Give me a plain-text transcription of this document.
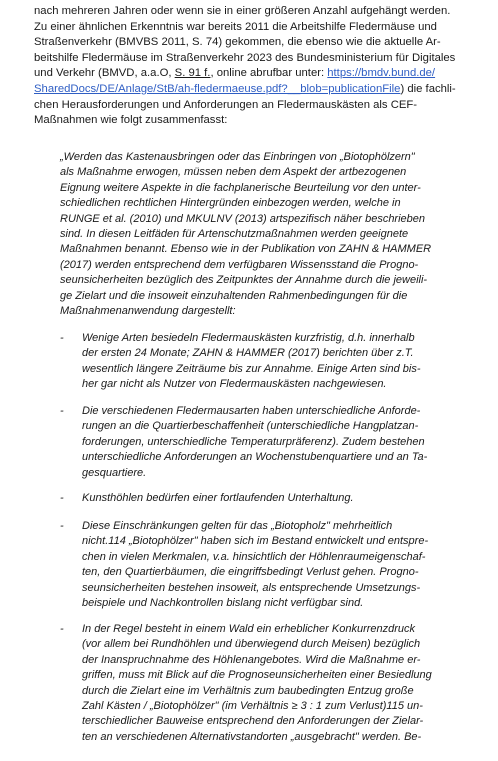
nach mehreren Jahren oder wenn sie in einer größeren Anzahl aufgehängt werden.
Zu einer ähnlichen Erkenntnis war bereits 2011 die Arbeitshilfe Fledermäuse und
Straßenverkehr (BMVBS 2011, S. 74) gekommen, die ebenso wie die aktuelle Ar-
beitshilfe Fledermäuse im Straßenverkehr 2023 des Bundesministerium für Digitales
und Verkehr (BMVD, a.a.O, S. 91 f., online abrufbar unter: https://bmdv.bund.de/
SharedDocs/DE/Anlage/StB/ah-fledermaeuse.pdf?__blob=publicationFile) die fachli-
chen Herausforderungen und Anforderungen an Fledermauskästen als CEF-
Maßnahmen wie folgt zusammenfasst:

„Werden das Kastenausbringen oder das Einbringen von „Biotophölzern"
als Maßnahme erwogen, müssen neben dem Aspekt der artbezogenen
Eignung weitere Aspekte in die fachplanerische Beurteilung vor den unter-
schiedlichen rechtlichen Hintergründen einbezogen werden, welche in
RUNGE et al. (2010) und MKULNV (2013) artspezifisch näher beschrieben
sind. In diesen Leitfäden für Artenschutzmaßnahmen werden geeignete
Maßnahmen benannt. Ebenso wie in der Publikation von ZAHN & HAMMER
(2017) werden entsprechend dem verfügbaren Wissensstand die Progno-
seunsicherheiten bezüglich des Zeitpunktes der Annahme durch die jeweili-
ge Zielart und die insoweit einzuhaltenden Rahmenbedingungen für die
Maßnahmenanwendung dargestellt:

- Wenige Arten besiedeln Fledermauskästen kurzfristig, d.h. innerhalb
der ersten 24 Monate; ZAHN & HAMMER (2017) berichten über z.T.
wesentlich längere Zeiträume bis zur Annahme. Einige Arten sind bis-
her gar nicht als Nutzer von Fledermauskästen nachgewiesen.

- Die verschiedenen Fledermausarten haben unterschiedliche Anforde-
rungen an die Quartierbeschaffenheit (unterschiedliche Hangplatzan-
forderungen, unterschiedliche Temperaturpräferenz). Zudem bestehen
unterschiedliche Anforderungen an Wochenstubenquartiere und an Ta-
gesquartiere.

- Kunsthöhlen bedürfen einer fortlaufenden Unterhaltung.

- Diese Einschränkungen gelten für das „Biotopholz" mehrheitlich
nicht.114 „Biotophölzer" haben sich im Bestand entwickelt und entspre-
chen in vielen Merkmalen, v.a. hinsichtlich der Höhlenraumeigenschaf-
ten, den Quartierbäumen, die eingriffsbedingt Verlust gehen. Progno-
seunsicherheiten bestehen insoweit, als entsprechende Umsetzungs-
beispiele und Nachkontrollen bislang nicht verfügbar sind.

- In der Regel besteht in einem Wald ein erheblicher Konkurrenzdruck
(vor allem bei Rundhöhlen und überwiegend durch Meisen) bezüglich
der Inanspruchnahme des Höhlenangebotes. Wird die Maßnahme er-
griffen, muss mit Blick auf die Prognoseunsicherheiten einer Besiedlung
durch die Zielart eine im Verhältnis zum baubedingten Entzug große
Zahl Kästen / „Biotophölzer" (im Verhältnis ≥ 3 : 1 zum Verlust)115 un-
terschiedlicher Bauweise entsprechend den Anforderungen der Zielar-
ten an verschiedenen Alternativstandorten „ausgebracht" werden. Be-
